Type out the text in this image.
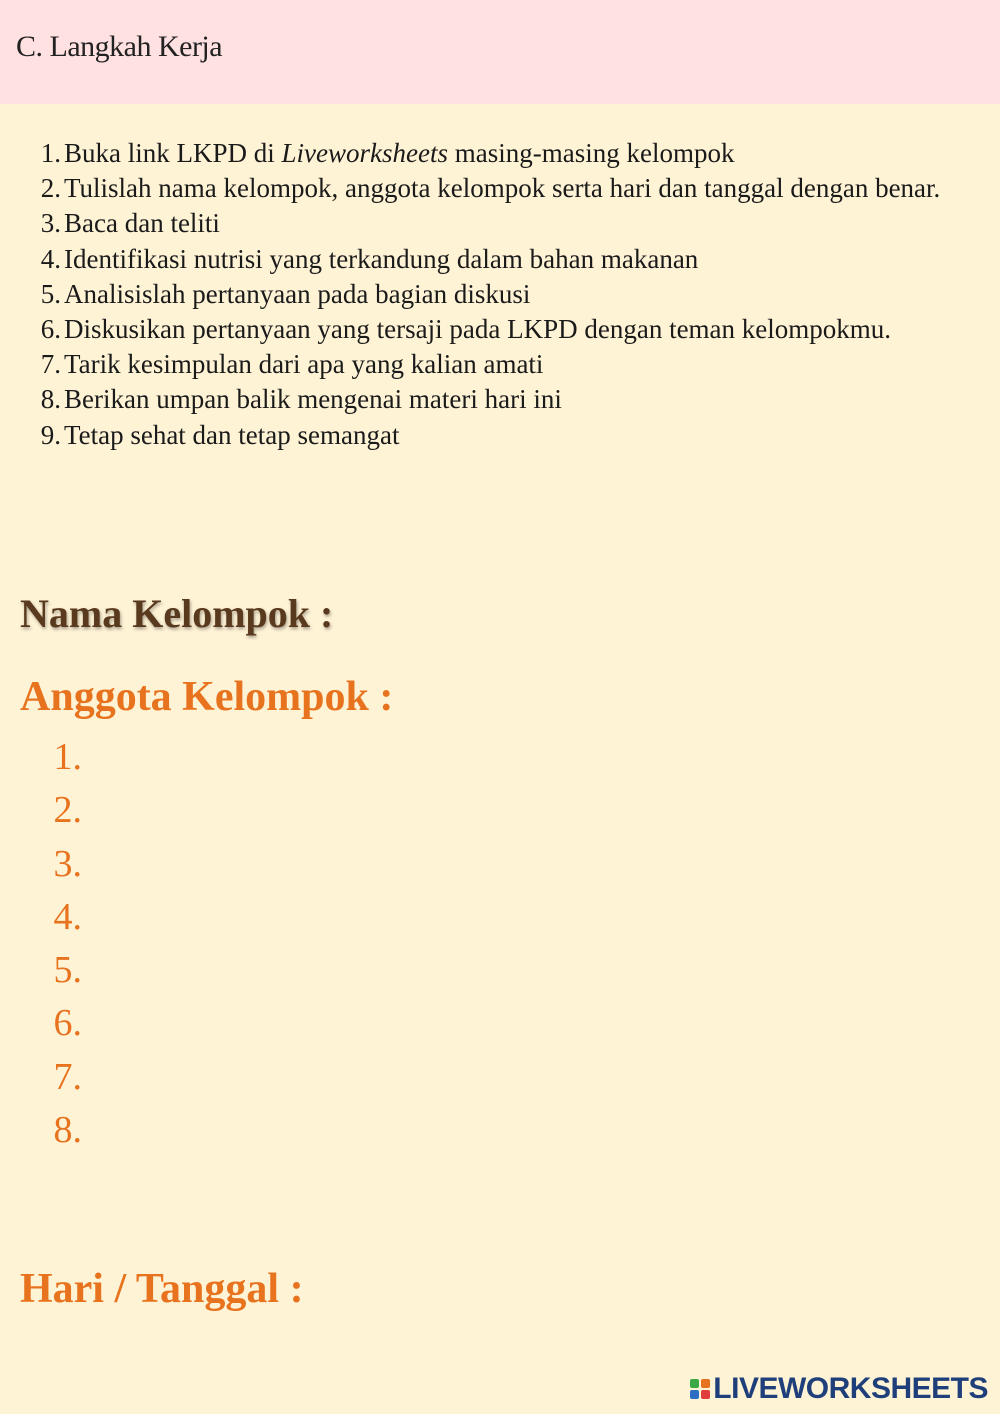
C. Langkah Kerja
1. Buka link LKPD di Liveworksheets masing-masing kelompok
2. Tulislah nama kelompok, anggota kelompok serta hari dan tanggal dengan benar.
3. Baca dan teliti
4. Identifikasi nutrisi yang terkandung dalam bahan makanan
5. Analisislah pertanyaan pada bagian diskusi
6. Diskusikan pertanyaan yang tersaji pada LKPD dengan teman kelompokmu.
7. Tarik kesimpulan dari apa yang kalian amati
8. Berikan umpan balik mengenai materi hari ini
9. Tetap sehat dan tetap semangat
Nama Kelompok :
Anggota Kelompok :
1.
2.
3.
4.
5.
6.
7.
8.
Hari / Tanggal :
LIVEWORKSHEETS
